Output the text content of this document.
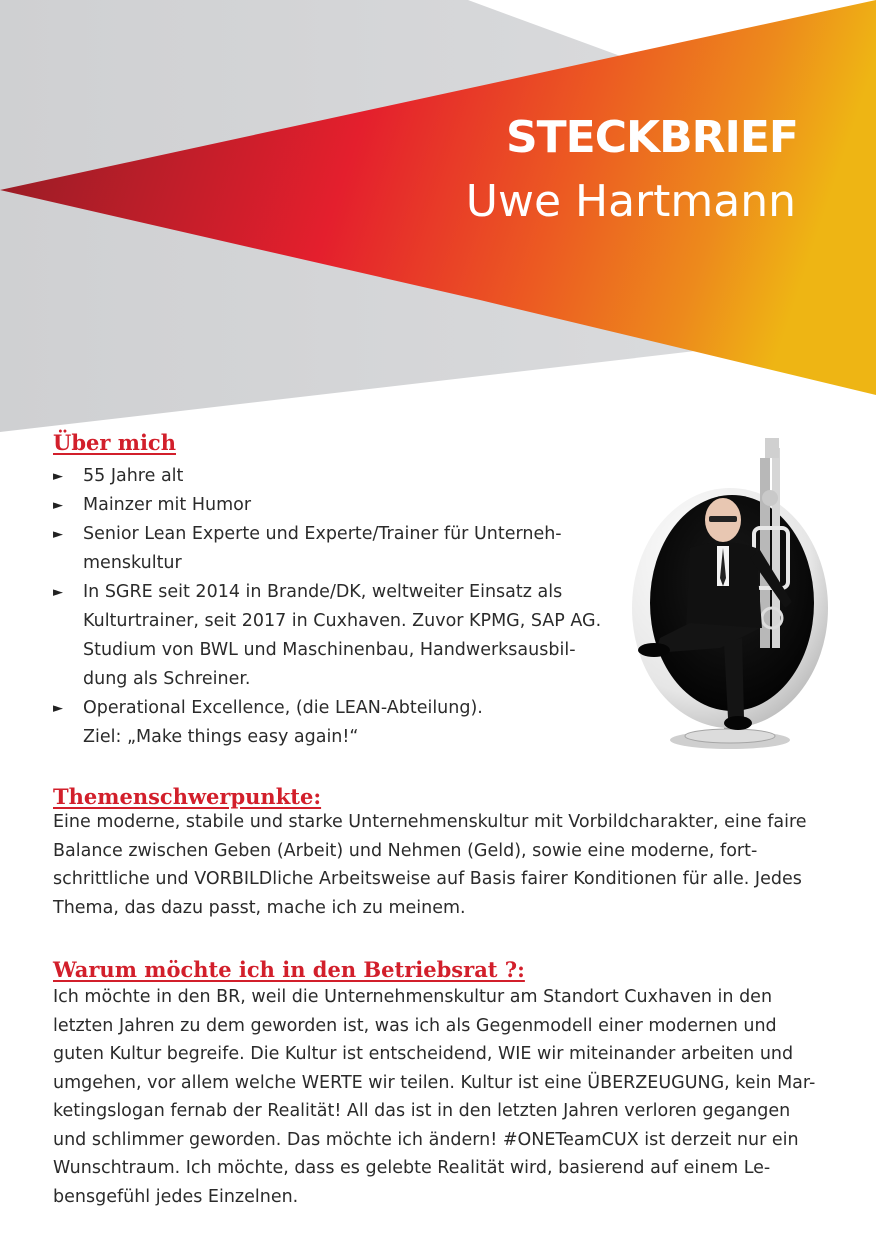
STECKBRIEF
Uwe Hartmann
Über mich
► 55 Jahre alt
► Mainzer mit Humor
► Senior Lean Experte und Experte/Trainer für Unterneh-
menskultur
► In SGRE seit 2014 in Brande/DK, weltweiter Einsatz als
Kulturtrainer, seit 2017 in Cuxhaven. Zuvor KPMG, SAP AG.
Studium von BWL und Maschinenbau, Handwerksausbil-
dung als Schreiner.
► Operational Excellence, (die LEAN-Abteilung).
Ziel: „Make things easy again!“
Themenschwerpunkte:
Eine moderne, stabile und starke Unternehmenskultur mit Vorbildcharakter, eine faire
Balance zwischen Geben (Arbeit) und Nehmen (Geld), sowie eine moderne, fort-
schrittliche und VORBILDliche Arbeitsweise auf Basis fairer Konditionen für alle. Jedes
Thema, das dazu passt, mache ich zu meinem.
Warum möchte ich in den Betriebsrat ?:
Ich möchte in den BR, weil die Unternehmenskultur am Standort Cuxhaven in den
letzten Jahren zu dem geworden ist, was ich als Gegenmodell einer modernen und
guten Kultur begreife. Die Kultur ist entscheidend, WIE wir miteinander arbeiten und
umgehen, vor allem welche WERTE wir teilen. Kultur ist eine ÜBERZEUGUNG, kein Mar-
ketingslogan fernab der Realität! All das ist in den letzten Jahren verloren gegangen
und schlimmer geworden. Das möchte ich ändern! #ONETeamCUX ist derzeit nur ein
Wunschtraum. Ich möchte, dass es gelebte Realität wird, basierend auf einem Le-
bensgefühl jedes Einzelnen.
